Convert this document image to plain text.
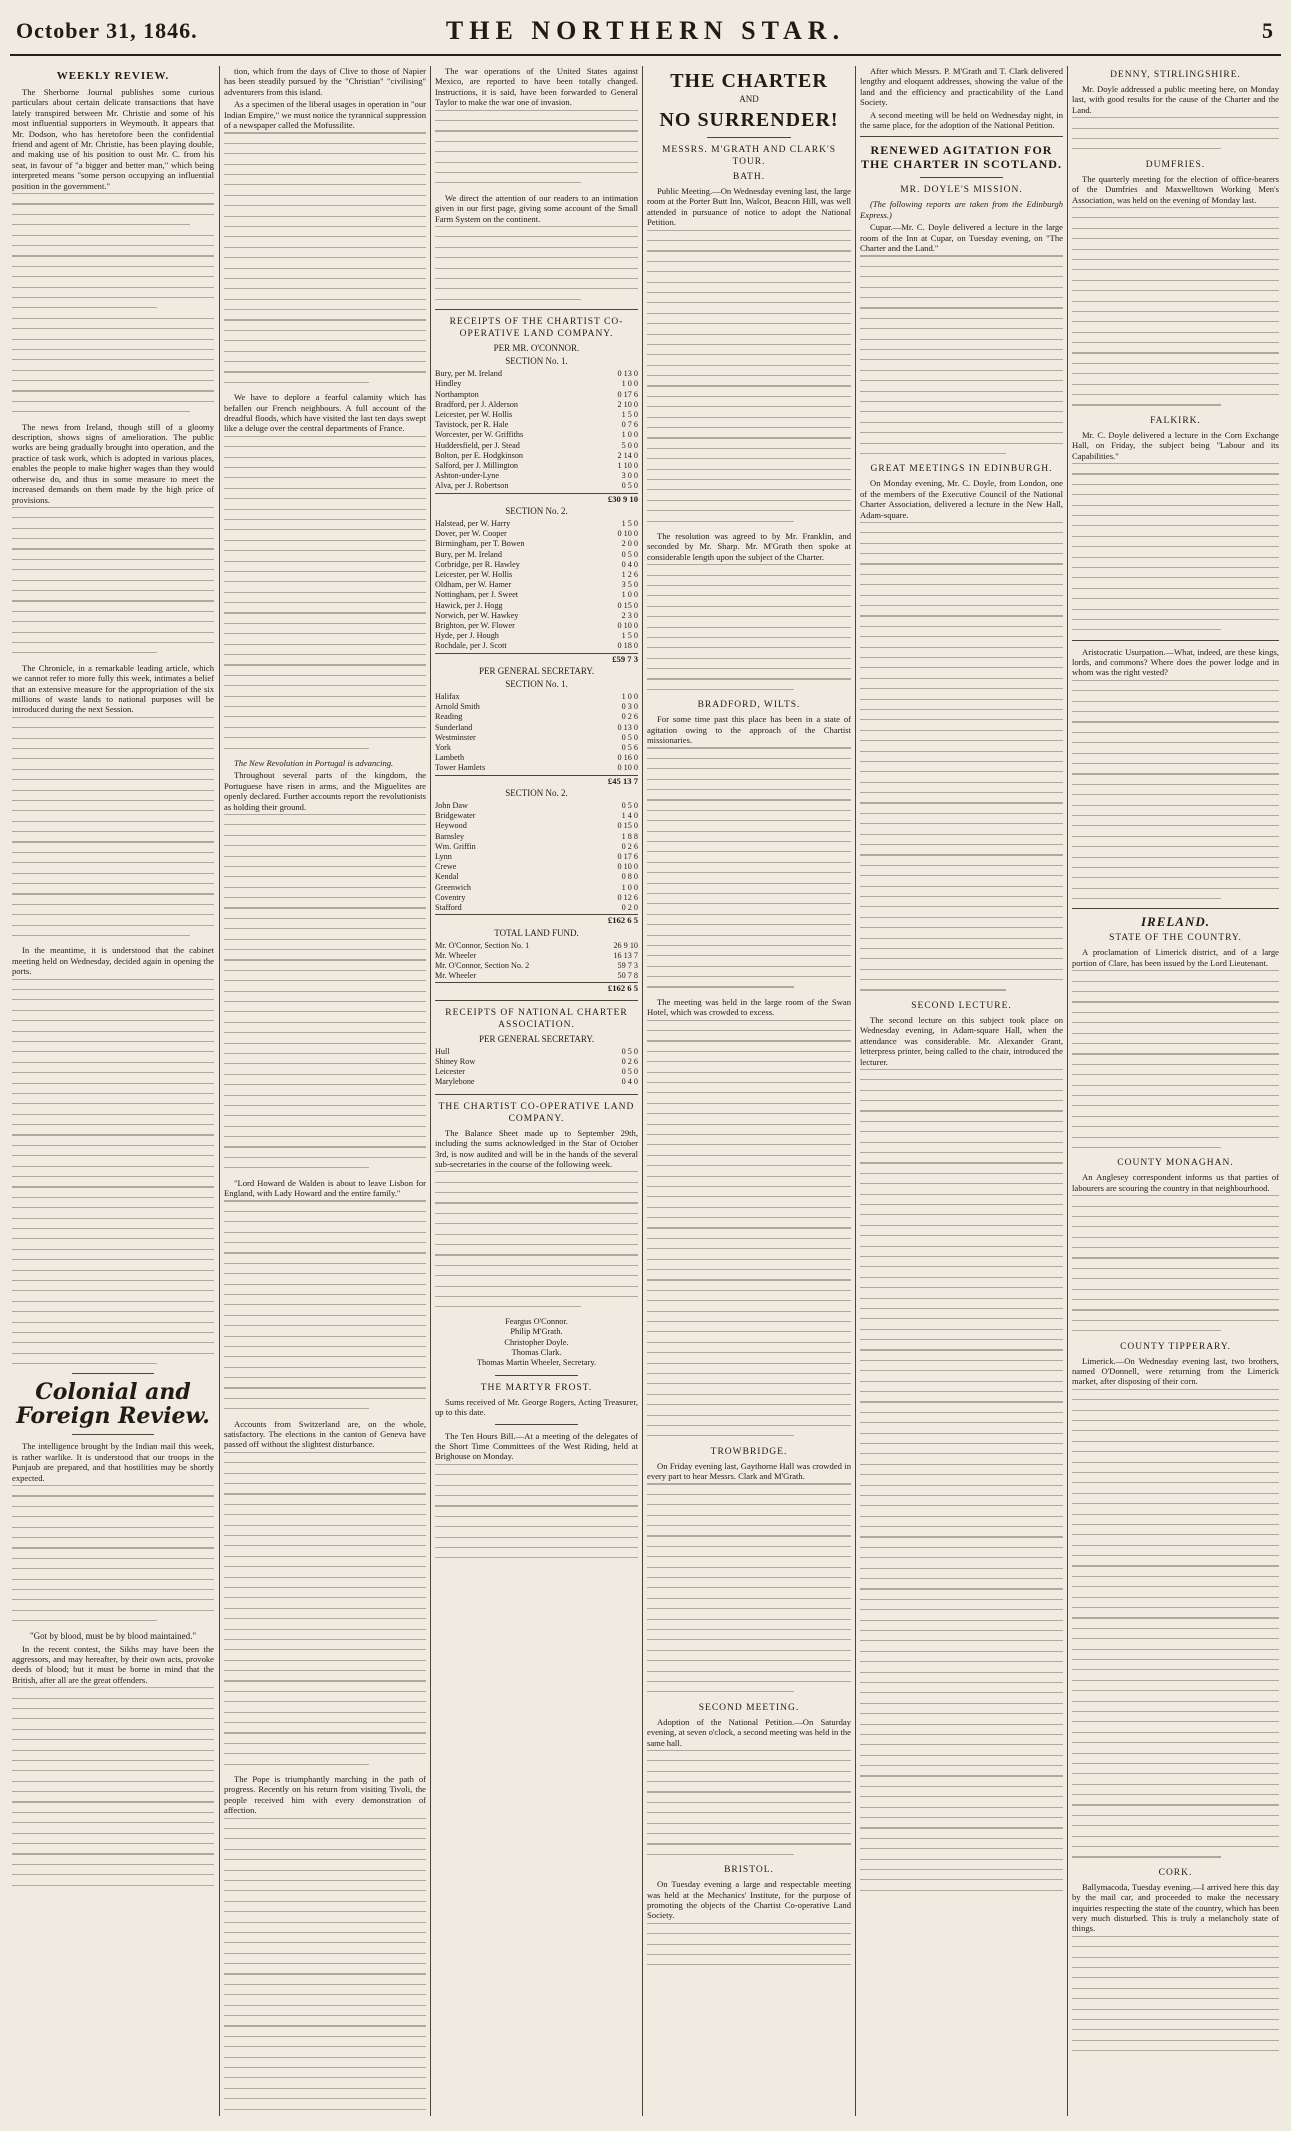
October 31, 1846.	THE NORTHERN STAR.	5
WEEKLY REVIEW.

The Sherborne Journal publishes some curious particulars about certain delicate transactions that have lately transpired between Mr. Christie and some of his most influential supporters in Weymouth. It appears that Mr. Dodson, who has heretofore been the confidential friend and agent of Mr. Christie, has been playing double, and making use of his position to oust Mr. C. from his seat, in favour of "a bigger and better man," which being interpreted means "some person occupying an influential position in the government."

The news from Ireland, though still of a gloomy description, shows signs of amelioration. The public works are being gradually brought into operation, and the practice of task work, which is adopted in various places, enables the people to make higher wages than they would otherwise do, and thus in some measure to meet the increased demands on them made by the high price of provisions.

The Chronicle, in a remarkable leading article, which we cannot refer to more fully this week, intimates a belief that an extensive measure for the appropriation of the six millions of waste lands to national purposes will be introduced during the next Session.

In the meantime, it is understood that the cabinet meeting held on Wednesday, decided again in opening the ports.

Colonial and Foreign Review.

The intelligence brought by the Indian mail this week, is rather warlike. It is understood that our troops in the Punjaub are prepared, and that hostilities may be shortly expected.

"Got by blood, must be by blood maintained."

In the recent contest, the Sikhs may have been the aggressors, and may hereafter, by their own acts, provoke deeds of blood; but it must be borne in mind that the British, after all are the great offenders.

tion, which from the days of Clive to those of Napier has been steadily pursued by the "Christian" "civilising" adventurers from this island.

As a specimen of the liberal usages in operation in "our Indian Empire," we must notice the tyrannical suppression of a newspaper called the Mofussilite.

We have to deplore a fearful calamity which has befallen our French neighbours. A full account of the dreadful floods, which have visited the last ten days swept like a deluge over the central departments of France.

The New Revolution in Portugal is advancing.

Throughout several parts of the kingdom, the Portuguese have risen in arms, and the Miguelites are openly declared. Further accounts report the revolutionists as holding their ground.

"Lord Howard de Walden is about to leave Lisbon for England, with Lady Howard and the entire family."

Accounts from Switzerland are, on the whole, satisfactory. The elections in the canton of Geneva have passed off without the slightest disturbance.

The Pope is triumphantly marching in the path of progress. Recently on his return from visiting Tivoli, the people received him with every demonstration of affection.

The war operations of the United States against Mexico, are reported to have been totally changed. Instructions, it is said, have been forwarded to General Taylor to make the war one of invasion.

We direct the attention of our readers to an intimation given in our first page, giving some account of the Small Farm System on the continent.

RECEIPTS OF THE CHARTIST CO-OPERATIVE LAND COMPANY.
PER MR. O'CONNOR.
SECTION No. 1.
Bury, per M. Ireland	0 13 0
Hindley	1 0 0
Northampton	0 17 6
Bradford, per J. Alderson	2 10 0
Leicester, per W. Hollis	1 5 0
Tavistock, per R. Hale	0 7 6
Worcester, per W. Griffiths	1 0 0
Huddersfield, per J. Stead	5 0 0
Bolton, per E. Hodgkinson	2 14 0
Salford, per J. Millington	1 10 0
Ashton-under-Lyne	3 0 0
Alva, per J. Robertson	0 5 0
£30 9 10
SECTION No. 2.
Halstead, per W. Harry	1 5 0
Dover, per W. Cooper	0 10 0
Birmingham, per T. Bowen	2 0 0
Bury, per M. Ireland	0 5 0
Corbridge, per R. Hawley	0 4 0
Leicester, per W. Hollis	1 2 6
Oldham, per W. Hamer	3 5 0
Nottingham, per J. Sweet	1 0 0
Hawick, per J. Hogg	0 15 0
Norwich, per W. Hawkey	2 3 0
Brighton, per W. Flower	0 10 0
Hyde, per J. Hough	1 5 0
Rochdale, per J. Scott	0 18 0
£59 7 3
PER GENERAL SECRETARY.
SECTION No. 1.
Halifax	1 0 0
Arnold Smith	0 3 0
Reading	0 2 6
Sunderland	0 13 0
Westminster	0 5 0
York	0 5 6
Lambeth	0 16 0
Tower Hamlets	0 10 0
£45 13 7
SECTION No. 2.
John Daw	0 5 0
Bridgewater	1 4 0
Heywood	0 15 0
Barnsley	1 8 8
Wm. Griffin	0 2 6
Lynn	0 17 6
Crewe	0 10 0
Kendal	0 8 0
Greenwich	1 0 0
Coventry	0 12 6
Stafford	0 2 0
£162 6 5
TOTAL LAND FUND.
Mr. O'Connor, Section No. 1	26 9 10
Mr. Wheeler	16 13 7
Mr. O'Connor, Section No. 2	59 7 3
Mr. Wheeler	50 7 8
£162 6 5
RECEIPTS OF NATIONAL CHARTER ASSOCIATION.
PER GENERAL SECRETARY.
Hull	0 5 0
Shiney Row	0 2 6
Leicester	0 5 0
Marylebone	0 4 0
THE CHARTIST CO-OPERATIVE LAND COMPANY.

The Balance Sheet made up to September 29th, including the sums acknowledged in the Star of October 3rd, is now audited and will be in the hands of the several sub-secretaries in the course of the following week.

Feargus O'Connor.
Philip M'Grath.
Christopher Doyle.
Thomas Clark.
Thomas Martin Wheeler, Secretary.
THE MARTYR FROST.

Sums received of Mr. George Rogers, Acting Treasurer, up to this date.

The Ten Hours Bill.—At a meeting of the delegates of the Short Time Committees of the West Riding, held at Brighouse on Monday.

THE CHARTER
AND
NO SURRENDER!
MESSRS. M'GRATH AND CLARK'S TOUR.
BATH.

Public Meeting.—On Wednesday evening last, the large room at the Porter Butt Inn, Walcot, Beacon Hill, was well attended in pursuance of notice to adopt the National Petition.

The resolution was agreed to by Mr. Franklin, and seconded by Mr. Sharp. Mr. M'Grath then spoke at considerable length upon the subject of the Charter.

BRADFORD, WILTS.

For some time past this place has been in a state of agitation owing to the approach of the Chartist missionaries.

The meeting was held in the large room of the Swan Hotel, which was crowded to excess.

TROWBRIDGE.

On Friday evening last, Gaythorne Hall was crowded in every part to hear Messrs. Clark and M'Grath.

SECOND MEETING.

Adoption of the National Petition.—On Saturday evening, at seven o'clock, a second meeting was held in the same hall.

BRISTOL.

On Tuesday evening a large and respectable meeting was held at the Mechanics' Institute, for the purpose of promoting the objects of the Chartist Co-operative Land Society.

After which Messrs. P. M'Grath and T. Clark delivered lengthy and eloquent addresses, showing the value of the land and the efficiency and practicability of the Land Society.

A second meeting will be held on Wednesday night, in the same place, for the adoption of the National Petition.

RENEWED AGITATION FOR THE CHARTER IN SCOTLAND.
MR. DOYLE'S MISSION.

(The following reports are taken from the Edinburgh Express.)

Cupar.—Mr. C. Doyle delivered a lecture in the large room of the Inn at Cupar, on Tuesday evening, on "The Charter and the Land."

GREAT MEETINGS IN EDINBURGH.

On Monday evening, Mr. C. Doyle, from London, one of the members of the Executive Council of the National Charter Association, delivered a lecture in the New Hall, Adam-square.

SECOND LECTURE.

The second lecture on this subject took place on Wednesday evening, in Adam-square Hall, when the attendance was considerable. Mr. Alexander Grant, letterpress printer, being called to the chair, introduced the lecturer.

DENNY, STIRLINGSHIRE.

Mr. Doyle addressed a public meeting here, on Monday last, with good results for the cause of the Charter and the Land.

DUMFRIES.

The quarterly meeting for the election of office-bearers of the Dumfries and Maxwelltown Working Men's Association, was held on the evening of Monday last.

FALKIRK.

Mr. C. Doyle delivered a lecture in the Corn Exchange Hall, on Friday, the subject being "Labour and its Capabilities."

Aristocratic Usurpation.—What, indeed, are these kings, lords, and commons? Where does the power lodge and in whom was the right vested?

IRELAND.
STATE OF THE COUNTRY.

A proclamation of Limerick district, and of a large portion of Clare, has been issued by the Lord Lieutenant.

COUNTY MONAGHAN.

An Anglesey correspondent informs us that parties of labourers are scouring the country in that neighbourhood.

COUNTY TIPPERARY.

Limerick.—On Wednesday evening last, two brothers, named O'Donnell, were returning from the Limerick market, after disposing of their corn.

CORK.

Ballymacoda, Tuesday evening.—I arrived here this day by the mail car, and proceeded to make the necessary inquiries respecting the state of the country, which has been very much disturbed. This is truly a melancholy state of things.
